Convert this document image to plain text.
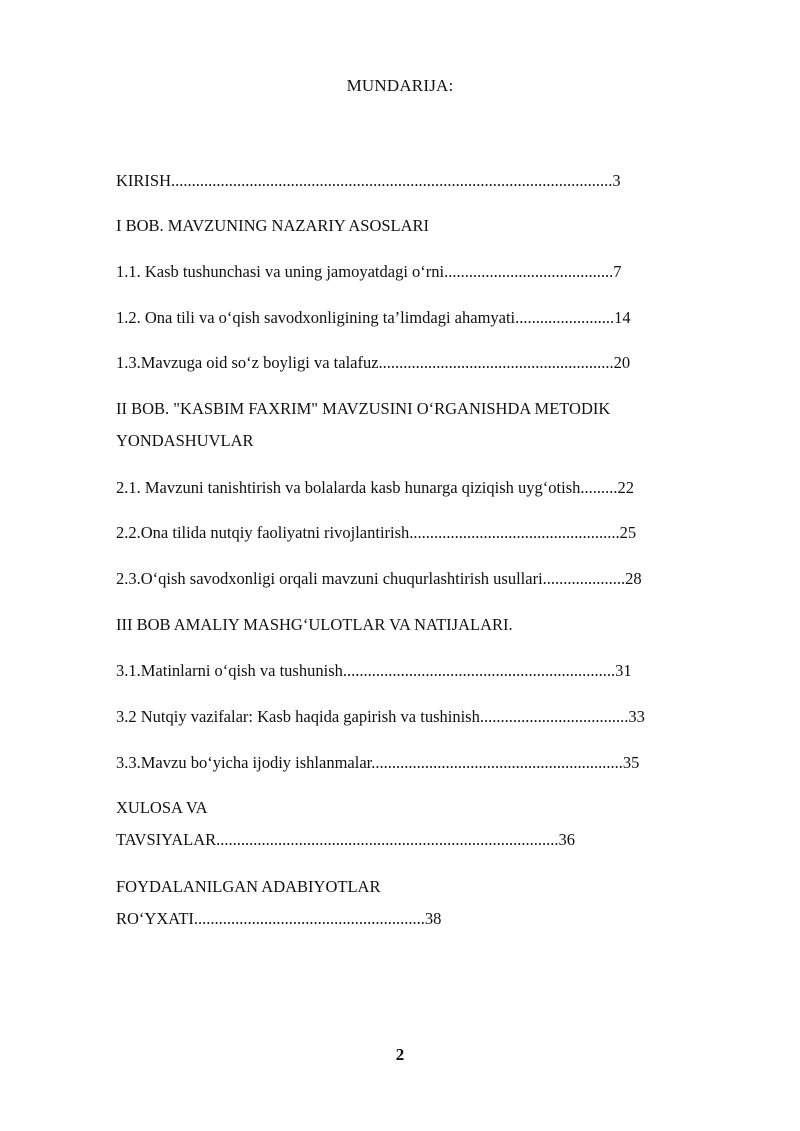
MUNDARIJA:
KIRISH...........................................................................................................3
I BOB. MAVZUNING NAZARIY ASOSLARI
1.1. Kasb tushunchasi va uning jamoyatdagi o‘rni.........................................7
1.2. Ona tili va o‘qish savodxonligining ta’limdagi ahamyati........................14
1.3.Mavzuga oid so‘z boyligi va talafuz.........................................................20
II BOB. "KASBIM FAXRIM" MAVZUSINI O‘RGANISHDA METODIK
YONDASHUVLAR
2.1. Mavzuni tanishtirish va bolalarda kasb hunarga qiziqish uyg‘otish.........22
2.2.Ona tilida nutqiy faoliyatni rivojlantirish...................................................25
2.3.O‘qish savodxonligi orqali mavzuni chuqurlashtirish usullari....................28
III BOB AMALIY MASHG‘ULOTLAR VA NATIJALARI.
3.1.Matinlarni o‘qish va tushunish..................................................................31
3.2 Nutqiy vazifalar: Kasb haqida gapirish va tushinish....................................33
3.3.Mavzu bo‘yicha ijodiy ishlanmalar.............................................................35
XULOSA VA
TAVSIYALAR...................................................................................36
FOYDALANILGAN ADABIYOTLAR
RO‘YXATI........................................................38
2
